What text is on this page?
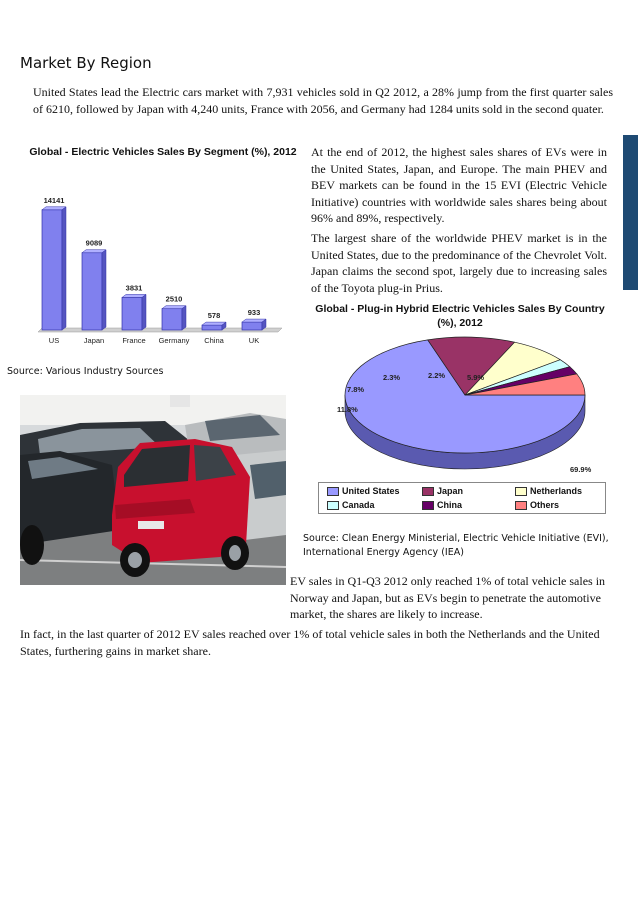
Market By Region
United States lead the Electric cars market with 7,931 vehicles sold in Q2 2012, a 28% jump from the first quarter sales of 6210, followed by Japan with 4,240 units, France with 2056, and Germany had 1284 units sold in the second quater.
Global - Electric Vehicles Sales By Segment (%), 2012
14141
US
9089
Japan
3831
France
2510
Germany
578
China
933
UK
Source: Various Industry Sources
At the end of 2012, the highest sales shares of EVs were in the United States, Japan, and Europe. The main PHEV and BEV markets can be found in the 15 EVI (Electric Vehicle Initiative) countries with worldwide sales shares being about 96% and 89%, respectively.
The largest share of the worldwide PHEV market is in the United States, due to the predominance of the Chevrolet Volt. Japan claims the second spot, largely due to increasing sales of the Toyota plug-in Prius.
Global - Plug-in Hybrid Electric Vehicles Sales By Country (%), 2012
69.9%
11.8%
7.8%
2.3%	2.2%	5.9%
United States	Japan	Netherlands
Canada	China	Others
Source: Clean Energy Ministerial, Electric Vehicle Initiative (EVI), International Energy Agency (IEA)
EV sales in Q1-Q3 2012 only reached 1% of total vehicle sales in Norway and Japan, but as EVs begin to penetrate the automotive market, the shares are likely to increase.
In fact, in the last quarter of 2012 EV sales reached over 1% of total vehicle sales in both the Netherlands and the United States, furthering gains in market share.
